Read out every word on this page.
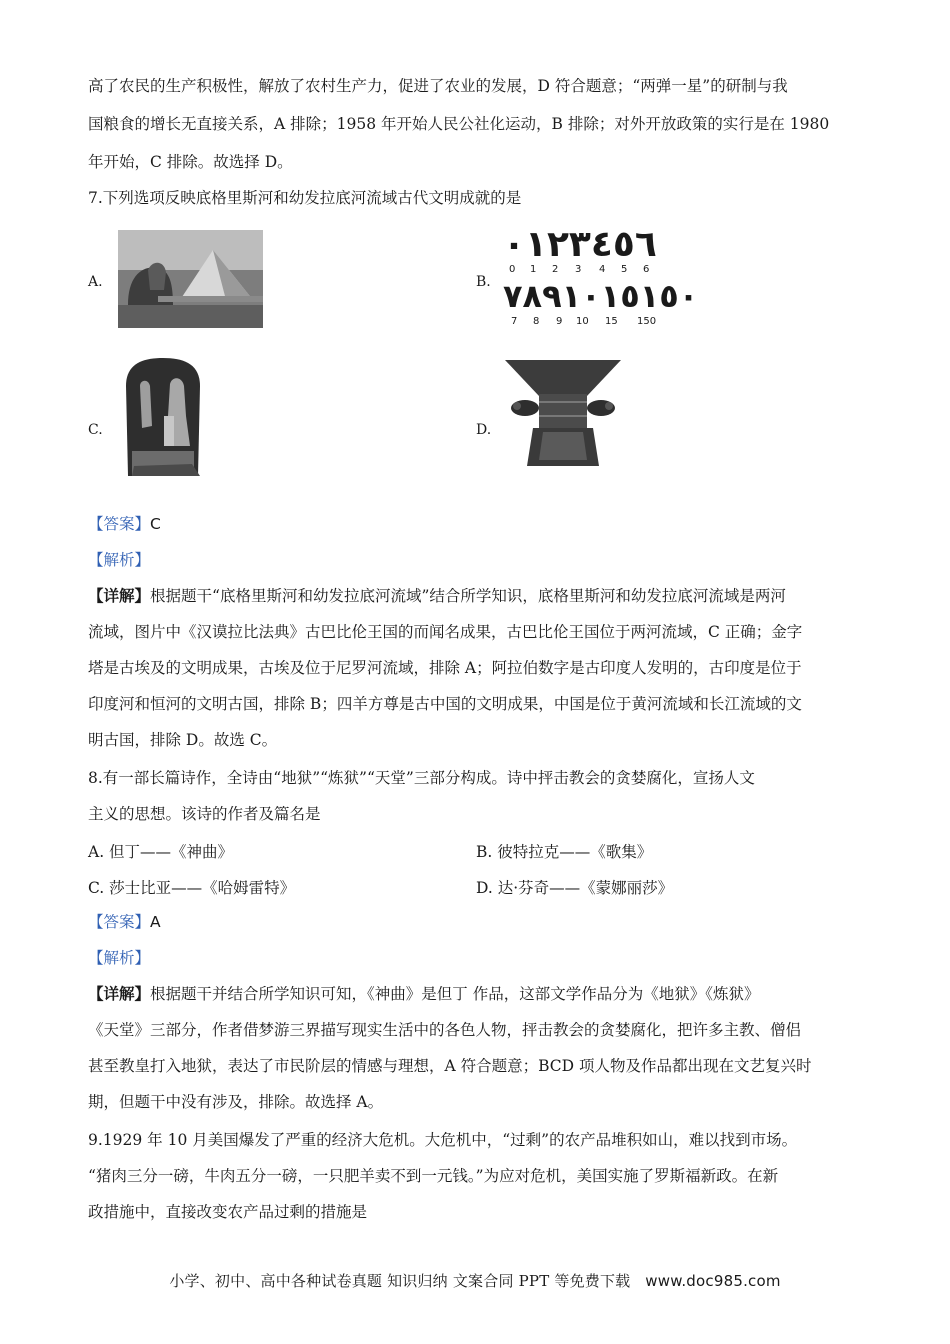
高了农民的生产积极性，解放了农村生产力，促进了农业的发展，D 符合题意；“两弹一星”的研制与我
国粮食的增长无直接关系，A 排除；1958 年开始人民公社化运动，B 排除；对外开放政策的实行是在 1980
年开始，C 排除。故选择 D。
7.下列选项反映底格里斯河和幼发拉底河流域古代文明成就的是
A.	B.
٠١٢٣٤٥٦
0 1 2 3 4 5 6
٧٨٩١٠١٥١٥٠
7 8 9 10 15 150
C.	D.
【答案】C
【解析】
【详解】根据题干“底格里斯河和幼发拉底河流域”结合所学知识，底格里斯河和幼发拉底河流域是两河
流域，图片中《汉谟拉比法典》古巴比伦王国的而闻名成果，古巴比伦王国位于两河流域，C 正确；金字
塔是古埃及的文明成果，古埃及位于尼罗河流域，排除 A；阿拉伯数字是古印度人发明的，古印度是位于
印度河和恒河的文明古国，排除 B；四羊方尊是古中国的文明成果，中国是位于黄河流域和长江流域的文
明古国，排除 D。故选 C。
8.有一部长篇诗作，全诗由“地狱”“炼狱”“天堂”三部分构成。诗中抨击教会的贪婪腐化，宣扬人文
主义的思想。该诗的作者及篇名是
A. 但丁——《神曲》	B. 彼特拉克——《歌集》
C. 莎士比亚——《哈姆雷特》	D. 达·芬奇——《蒙娜丽莎》
【答案】A
【解析】
【详解】根据题干并结合所学知识可知，《神曲》是但丁 作品，这部文学作品分为《地狱》《炼狱》
《天堂》三部分，作者借梦游三界描写现实生活中的各色人物，抨击教会的贪婪腐化，把许多主教、僧侣
甚至教皇打入地狱，表达了市民阶层的情感与理想，A 符合题意；BCD 项人物及作品都出现在文艺复兴时
期，但题干中没有涉及，排除。故选择 A。
9.1929 年 10 月美国爆发了严重的经济大危机。大危机中，“过剩”的农产品堆积如山，难以找到市场。
“猪肉三分一磅，牛肉五分一磅，一只肥羊卖不到一元钱。”为应对危机，美国实施了罗斯福新政。在新
政措施中，直接改变农产品过剩的措施是
小学、初中、高中各种试卷真题 知识归纳 文案合同 PPT 等免费下载 www.doc985.com
